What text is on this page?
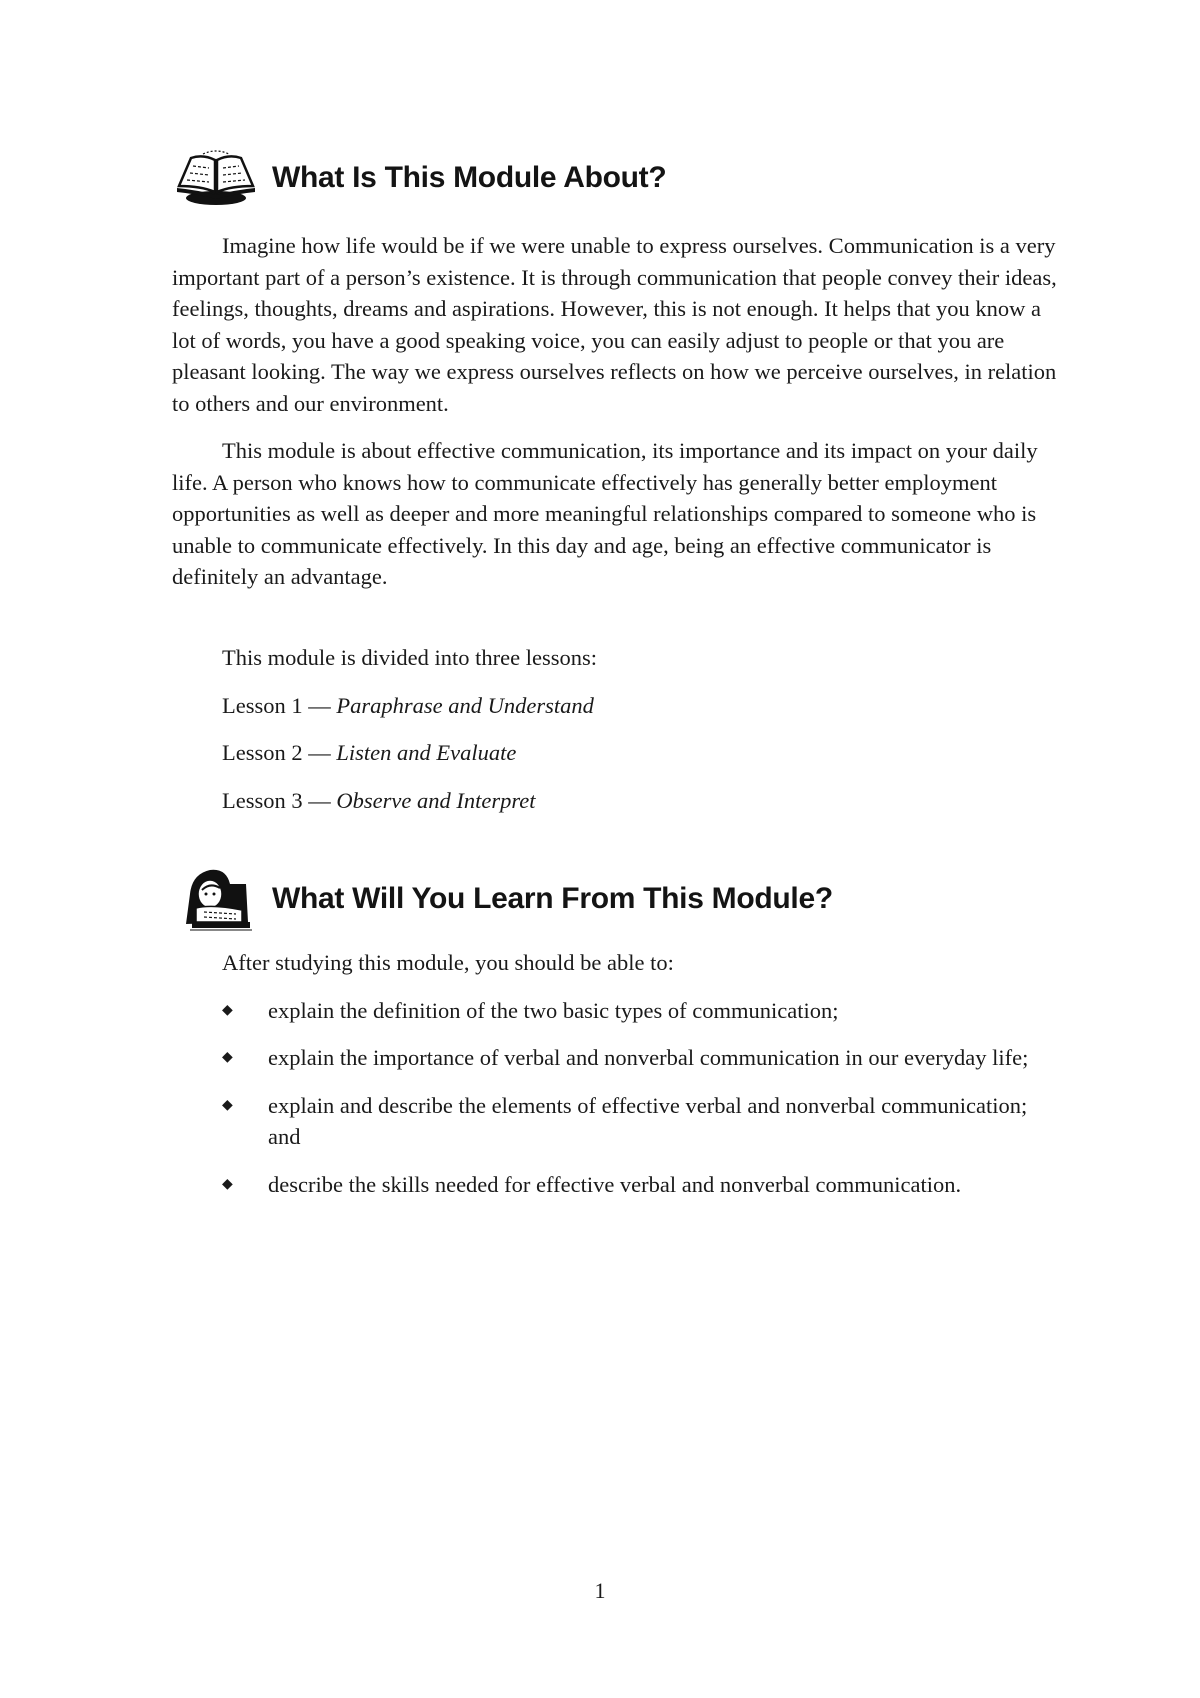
What Is This Module About?

Imagine how life would be if we were unable to express ourselves. Communication is a very important part of a person’s existence. It is through communication that people convey their ideas, feelings, thoughts, dreams and aspirations. However, this is not enough. It helps that you know a lot of words, you have a good speaking voice, you can easily adjust to people or that you are pleasant looking. The way we express ourselves reflects on how we perceive ourselves, in relation to others and our environment.

This module is about effective communication, its importance and its impact on your daily life. A person who knows how to communicate effectively has generally better employment opportunities as well as deeper and more meaningful relationships compared to someone who is unable to communicate effectively. In this day and age, being an effective communicator is definitely an advantage.

This module is divided into three lessons:

Lesson 1 — Paraphrase and Understand

Lesson 2 — Listen and Evaluate

Lesson 3 — Observe and Interpret

What Will You Learn From This Module?

After studying this module, you should be able to:

◆	explain the definition of the two basic types of communication;
◆	explain the importance of verbal and nonverbal communication in our everyday life;
◆	explain and describe the elements of effective verbal and nonverbal communication; and
◆	describe the skills needed for effective verbal and nonverbal communication.
1
